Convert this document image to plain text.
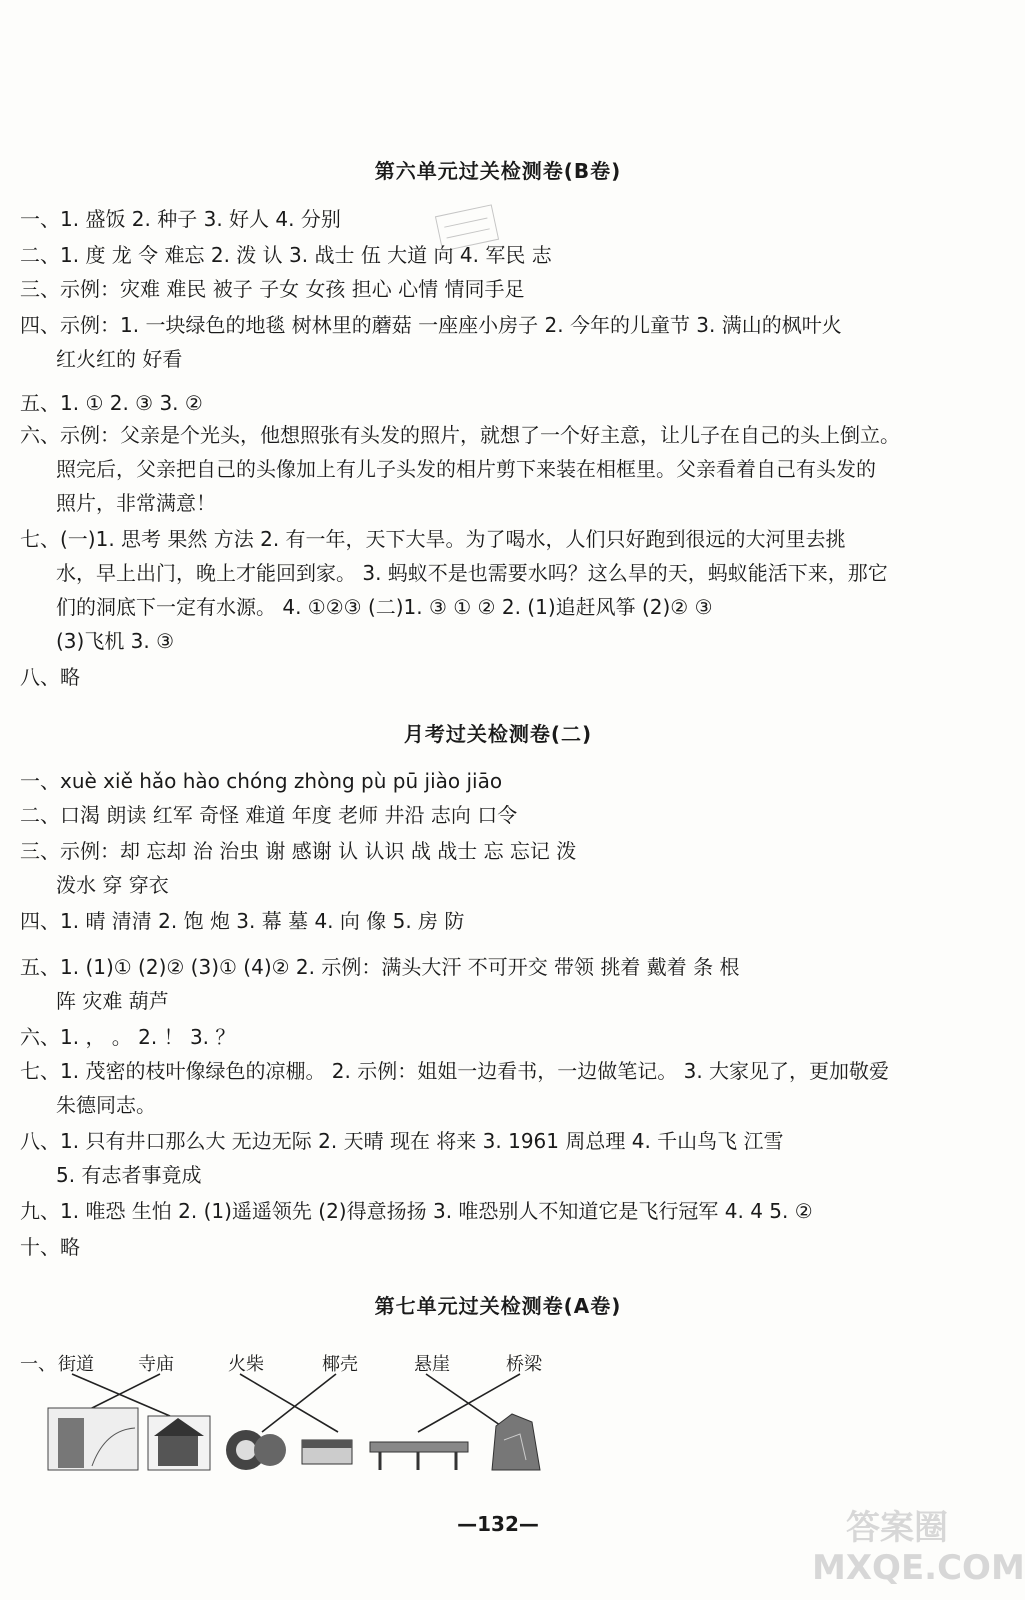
第六单元过关检测卷(B卷)
一、1. 盛饭 2. 种子 3. 好人 4. 分别
二、1. 度 龙 令 难忘 2. 泼 认 3. 战士 伍 大道 向 4. 军民 志
三、示例：灾难 难民 被子 子女 女孩 担心 心情 情同手足
四、示例：1. 一块绿色的地毯 树林里的蘑菇 一座座小房子 2. 今年的儿童节 3. 满山的枫叶火
红火红的 好看
五、1. ① 2. ③ 3. ②
六、示例：父亲是个光头，他想照张有头发的照片，就想了一个好主意，让儿子在自己的头上倒立。
照完后，父亲把自己的头像加上有儿子头发的相片剪下来装在相框里。父亲看着自己有头发的
照片，非常满意！
七、(一)1. 思考 果然 方法 2. 有一年，天下大旱。为了喝水，人们只好跑到很远的大河里去挑
水，早上出门，晚上才能回到家。 3. 蚂蚁不是也需要水吗？这么旱的天，蚂蚁能活下来，那它
们的洞底下一定有水源。 4. ①②③ (二)1. ③ ① ② 2. (1)追赶风筝 (2)② ③
(3)飞机 3. ③
八、略
月考过关检测卷(二)
一、xuè xiě hǎo hào chóng zhòng pù pū jiào jiāo
二、口渴 朗读 红军 奇怪 难道 年度 老师 井沿 志向 口令
三、示例：却 忘却 治 治虫 谢 感谢 认 认识 战 战士 忘 忘记 泼
泼水 穿 穿衣
四、1. 晴 清清 2. 饱 炮 3. 幕 墓 4. 向 像 5. 房 防
五、1. (1)① (2)② (3)① (4)② 2. 示例：满头大汗 不可开交 带领 挑着 戴着 条 根
阵 灾难 葫芦
六、1. ， 。 2. ！ 3. ？
七、1. 茂密的枝叶像绿色的凉棚。 2. 示例：姐姐一边看书，一边做笔记。 3. 大家见了，更加敬爱
朱德同志。
八、1. 只有井口那么大 无边无际 2. 天晴 现在 将来 3. 1961 周总理 4. 千山鸟飞 江雪
5. 有志者事竟成
九、1. 唯恐 生怕 2. (1)遥遥领先 (2)得意扬扬 3. 唯恐别人不知道它是飞行冠军 4. 4 5. ②
十、略
第七单元过关检测卷(A卷)
一、 街道 寺庙	火柴	椰壳	悬崖	桥梁
—132—	答案圈
MXQE.COM
